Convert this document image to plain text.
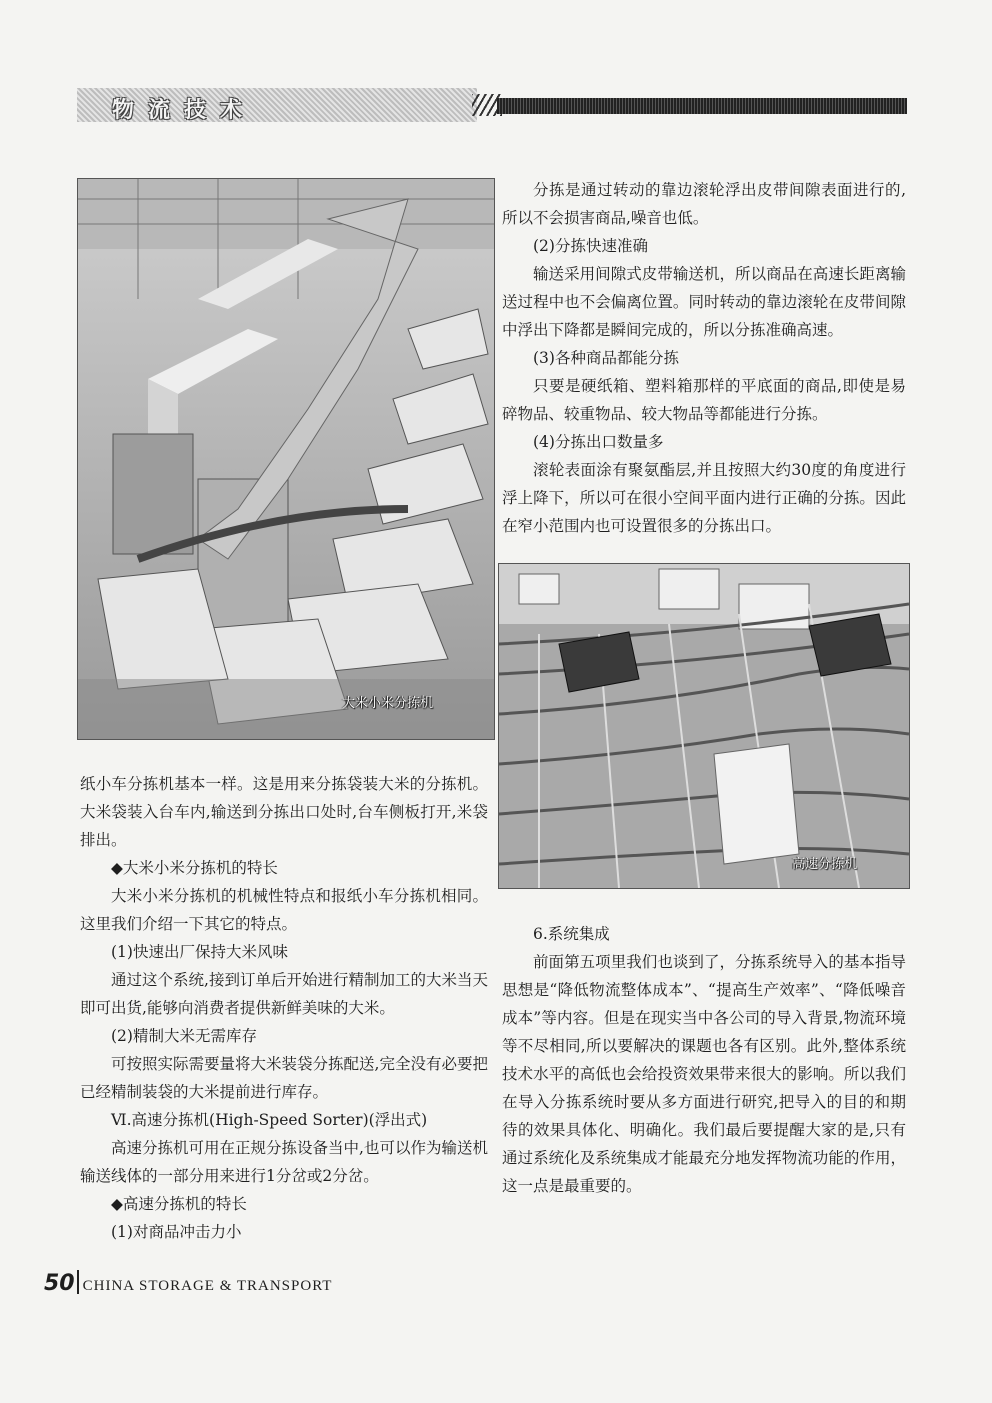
物流技术
大米小米分拣机
高速分拣机

分拣是通过转动的靠边滚轮浮出皮带间隙表面进行的,所以不会损害商品,噪音也低。

(2)分拣快速准确

输送采用间隙式皮带输送机，所以商品在高速长距离输送过程中也不会偏离位置。同时转动的靠边滚轮在皮带间隙中浮出下降都是瞬间完成的，所以分拣准确高速。

(3)各种商品都能分拣

只要是硬纸箱、塑料箱那样的平底面的商品,即使是易碎物品、较重物品、较大物品等都能进行分拣。

(4)分拣出口数量多

滚轮表面涂有聚氨酯层,并且按照大约30度的角度进行浮上降下，所以可在很小空间平面内进行正确的分拣。因此在窄小范围内也可设置很多的分拣出口。

纸小车分拣机基本一样。这是用来分拣袋装大米的分拣机。大米袋装入台车内,输送到分拣出口处时,台车侧板打开,米袋排出。

◆大米小米分拣机的特长

大米小米分拣机的机械性特点和报纸小车分拣机相同。这里我们介绍一下其它的特点。

(1)快速出厂保持大米风味

通过这个系统,接到订单后开始进行精制加工的大米当天即可出货,能够向消费者提供新鲜美味的大米。

(2)精制大米无需库存

可按照实际需要量将大米装袋分拣配送,完全没有必要把已经精制装袋的大米提前进行库存。

Ⅵ.高速分拣机(High-Speed Sorter)(浮出式)

高速分拣机可用在正规分拣设备当中,也可以作为输送机输送线体的一部分用来进行1分岔或2分岔。

◆高速分拣机的特长

(1)对商品冲击力小

6.系统集成

前面第五项里我们也谈到了，分拣系统导入的基本指导思想是“降低物流整体成本”、“提高生产效率”、“降低噪音成本”等内容。但是在现实当中各公司的导入背景,物流环境等不尽相同,所以要解决的课题也各有区别。此外,整体系统技术水平的高低也会给投资效果带来很大的影响。所以我们在导入分拣系统时要从多方面进行研究,把导入的目的和期待的效果具体化、明确化。我们最后要提醒大家的是,只有通过系统化及系统集成才能最充分地发挥物流功能的作用，这一点是最重要的。

50 CHINA STORAGE & TRANSPORT
